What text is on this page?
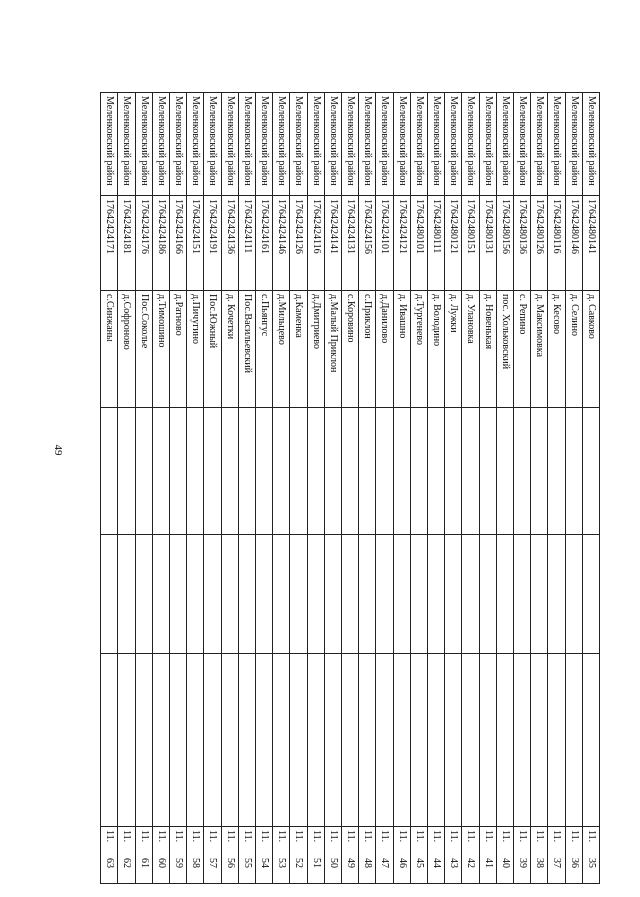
49
Меленковский район	17642480141	д. Савково				11.35
Меленковский район	17642480146	д. Селино				11.36
Меленковский район	17642480116	д. Кесово				11.37
Меленковский район	17642480126	д. Максимовка				11.38
Меленковский район	17642480136	с. Репино				11.39
Меленковский район	17642480156	пос. Хольковский				11.40
Меленковский район	17642480131	д. Новенькая				11.41
Меленковский район	17642480151	д. Улановка				11.42
Меленковский район	17642480121	д. Лужки				11.43
Меленковский район	17642480111	д. Володино				11.44
Меленковский район	17642480101	д.Тургенево				11.45
Меленковский район	17642424121	д. Ивашно				11.46
Меленковский район	17642424101	д.Данилово				11.47
Меленковский район	17642424156	с.Приклон				11.48
Меленковский район	17642424131	с.Коровино				11.49
Меленковский район	17642424141	д.Малый Приклон				11.50
Меленковский район	17642424116	д.Дмитриево				11.51
Меленковский район	17642424126	д.Каменка				11.52
Меленковский район	17642424146	д.Мильцево				11.53
Меленковский район	17642424161	с.Пьянгус				11.54
Меленковский район	17642424111	Пос.Васильевский				11.55
Меленковский район	17642424136	д. Кочетки				11.56
Меленковский район	17642424191	Пос.Южный				11.57
Меленковский район	17642424151	д.Пичугино				11.58
Меленковский район	17642424166	д.Ратново				11.59
Меленковский район	17642424186	д.Тимошино				11.60
Меленковский район	17642424176	Пос.Соколье				11.61
Меленковский район	17642424181	д.Софроново				11.62
Меленковский район	17642424171	с.Синжаны				11.63
